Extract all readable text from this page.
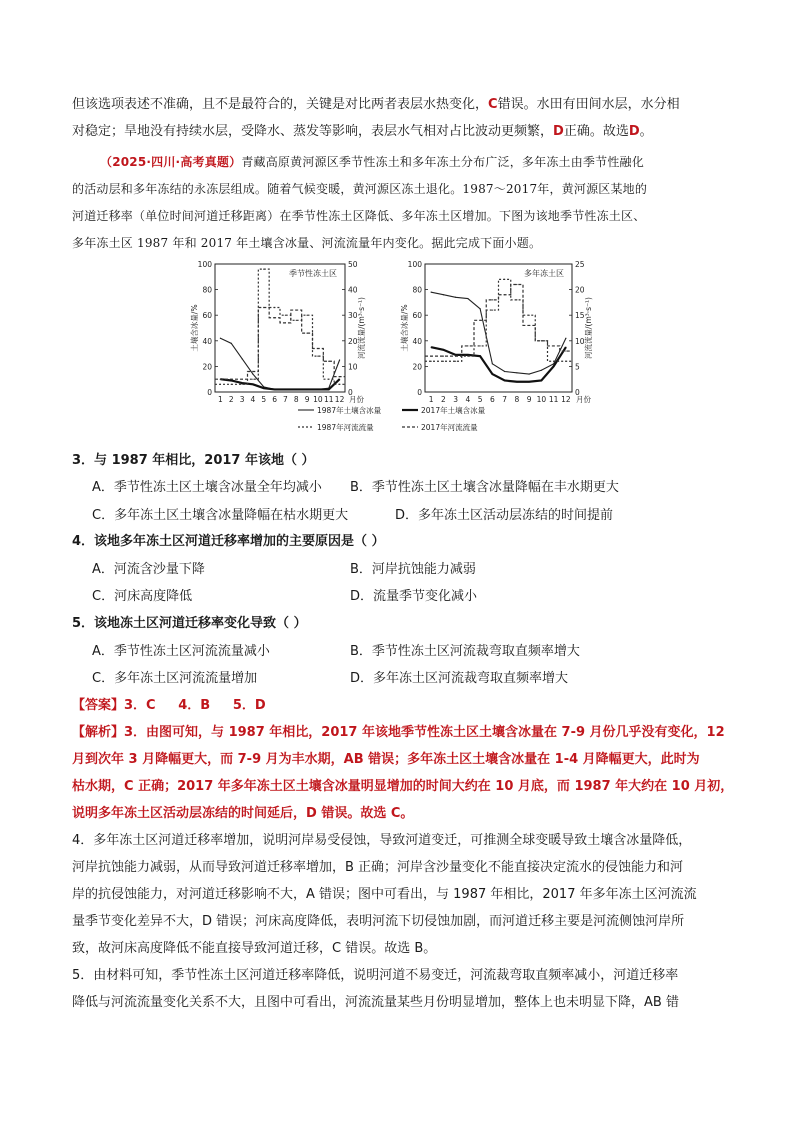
但该选项表述不准确，且不是最符合的，关键是对比两者表层水热变化，C错误。水田有田间水层，水分相
对稳定；旱地没有持续水层，受降水、蒸发等影响，表层水气相对占比波动更频繁，D正确。故选D。
（2025·四川·高考真题）青藏高原黄河源区季节性冻土和多年冻土分布广泛，多年冻土由季节性融化
的活动层和多年冻结的永冻层组成。随着气候变暖，黄河源区冻土退化。1987～2017年，黄河源区某地的
河道迁移率（单位时间河道迁移距离）在季节性冻土区降低、多年冻土区增加。下图为该地季节性冻土区、
多年冻土区 1987 年和 2017 年土壤含冰量、河流流量年内变化。据此完成下面小题。
0
20
40
60
80
100
0
10
20
30
40
50
1 2 3 4 5 6 7 8 9 10 11 12 月份
土壤含冰量/%	河流流量/(m³·s⁻¹)
季节性冻土区
0
20
40
60
80
100
0
5
10
15
20
25
1 2 3 4 5 6 7 8 9 10 11 12 月份
土壤含冰量/%	河流流量/(m³·s⁻¹)
多年冻土区
1987年土壤含冰量	2017年土壤含冰量
1987年河流流量	2017年河流流量
3．与 1987 年相比，2017 年该地（ ）
A．季节性冻土区土壤含冰量全年均减小 B．季节性冻土区土壤含冰量降幅在丰水期更大
C．多年冻土区土壤含冰量降幅在枯水期更大	D．多年冻土区活动层冻结的时间提前
4．该地多年冻土区河道迁移率增加的主要原因是（ ）
A．河流含沙量下降	B．河岸抗蚀能力减弱
C．河床高度降低	D．流量季节变化减小
5．该地冻土区河道迁移率变化导致（ ）
A．季节性冻土区河流流量减小	B．季节性冻土区河流裁弯取直频率增大
C．多年冻土区河流流量增加	D．多年冻土区河流裁弯取直频率增大
【答案】3．C     4．B     5．D
【解析】3．由图可知，与 1987 年相比，2017 年该地季节性冻土区土壤含冰量在 7-9 月份几乎没有变化，12
月到次年 3 月降幅更大，而 7-9 月为丰水期，AB 错误；多年冻土区土壤含冰量在 1-4 月降幅更大，此时为
枯水期，C 正确；2017 年多年冻土区土壤含冰量明显增加的时间大约在 10 月底，而 1987 年大约在 10 月初，
说明多年冻土区活动层冻结的时间延后，D 错误。故选 C。
4．多年冻土区河道迁移率增加，说明河岸易受侵蚀，导致河道变迁，可推测全球变暖导致土壤含冰量降低，
河岸抗蚀能力减弱，从而导致河道迁移率增加，B 正确；河岸含沙量变化不能直接决定流水的侵蚀能力和河
岸的抗侵蚀能力，对河道迁移影响不大，A 错误；图中可看出，与 1987 年相比，2017 年多年冻土区河流流
量季节变化差异不大，D 错误；河床高度降低，表明河流下切侵蚀加剧，而河道迁移主要是河流侧蚀河岸所
致，故河床高度降低不能直接导致河道迁移，C 错误。故选 B。
5．由材料可知，季节性冻土区河道迁移率降低，说明河道不易变迁，河流裁弯取直频率减小，河道迁移率
降低与河流流量变化关系不大，且图中可看出，河流流量某些月份明显增加，整体上也未明显下降，AB 错
